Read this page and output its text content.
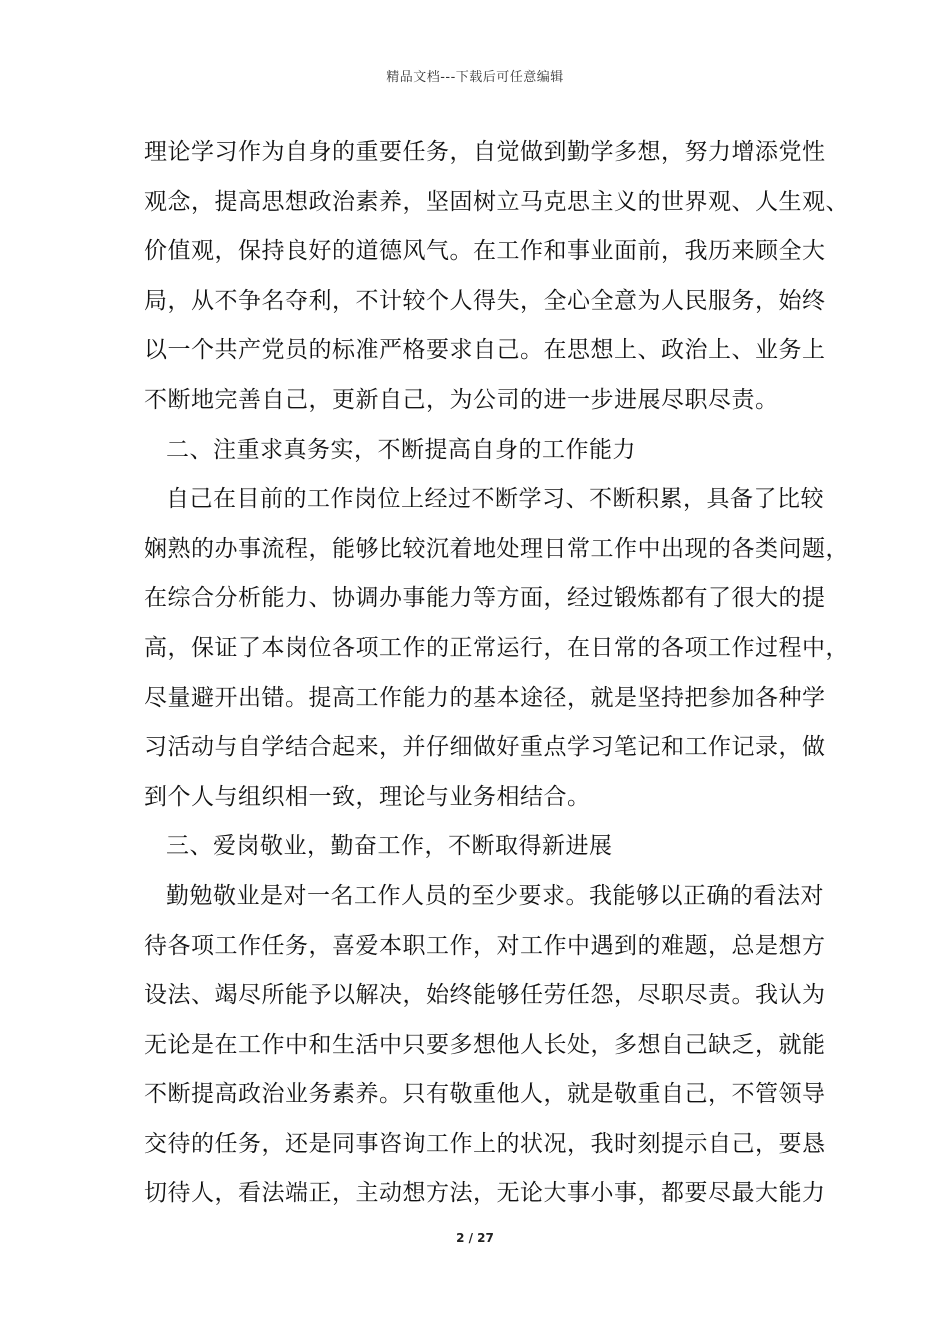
精品文档---下载后可任意编辑
理论学习作为自身的重要任务，自觉做到勤学多想，努力增添党性
观念，提高思想政治素养，坚固树立马克思主义的世界观、人生观、
价值观，保持良好的道德风气。在工作和事业面前，我历来顾全大
局，从不争名夺利，不计较个人得失，全心全意为人民服务，始终
以一个共产党员的标准严格要求自己。在思想上、政治上、业务上
不断地完善自己，更新自己，为公司的进一步进展尽职尽责。
二、注重求真务实，不断提高自身的工作能力
自己在目前的工作岗位上经过不断学习、不断积累，具备了比较
娴熟的办事流程，能够比较沉着地处理日常工作中出现的各类问题，
在综合分析能力、协调办事能力等方面，经过锻炼都有了很大的提
高，保证了本岗位各项工作的正常运行，在日常的各项工作过程中，
尽量避开出错。提高工作能力的基本途径，就是坚持把参加各种学
习活动与自学结合起来，并仔细做好重点学习笔记和工作记录，做
到个人与组织相一致，理论与业务相结合。
三、爱岗敬业，勤奋工作，不断取得新进展
勤勉敬业是对一名工作人员的至少要求。我能够以正确的看法对
待各项工作任务，喜爱本职工作，对工作中遇到的难题，总是想方
设法、竭尽所能予以解决，始终能够任劳任怨，尽职尽责。我认为
无论是在工作中和生活中只要多想他人长处，多想自己缺乏，就能
不断提高政治业务素养。只有敬重他人，就是敬重自己，不管领导
交待的任务，还是同事咨询工作上的状况，我时刻提示自己，要恳
切待人，看法端正，主动想方法，无论大事小事，都要尽最大能力
2 / 27
